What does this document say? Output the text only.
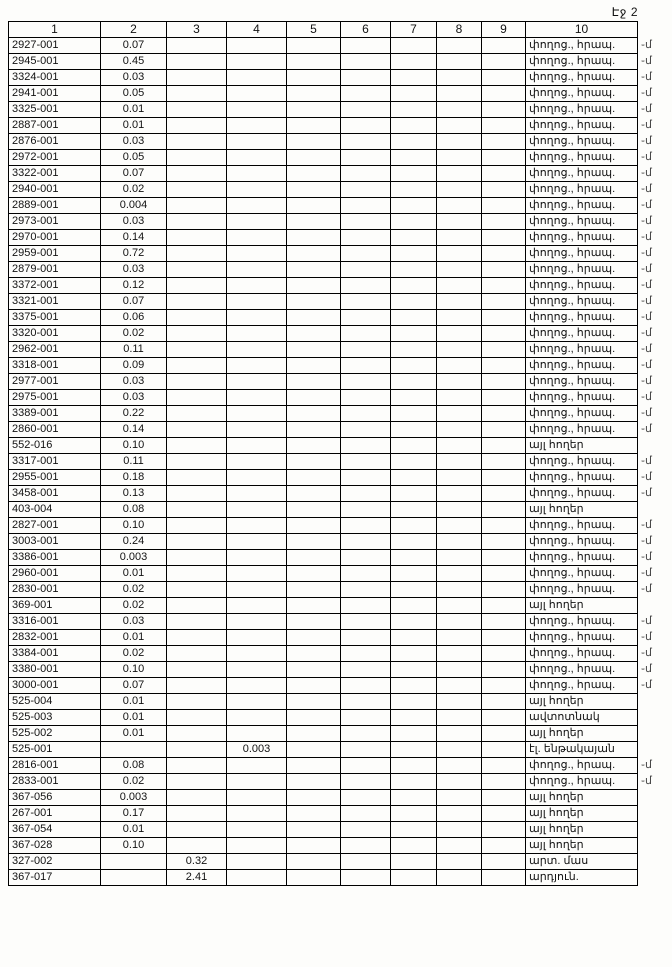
Էջ 2
1	2	3	4	5	6	7	8	9	10	
2927-001	0.07								փողոց., հրապ.	֊մ
2945-001	0.45								փողոց., հրապ.	֊մ
3324-001	0.03								փողոց., հրապ.	֊մ
2941-001	0.05								փողոց., հրապ.	֊մ
3325-001	0.01								փողոց., հրապ.	֊մ
2887-001	0.01								փողոց., հրապ.	֊մ
2876-001	0.03								փողոց., հրապ.	֊մ
2972-001	0.05								փողոց., հրապ.	֊մ
3322-001	0.07								փողոց., հրապ.	֊մ
2940-001	0.02								փողոց., հրապ.	֊մ
2889-001	0.004								փողոց., հրապ.	֊մ
2973-001	0.03								փողոց., հրապ.	֊մ
2970-001	0.14								փողոց., հրապ.	֊մ
2959-001	0.72								փողոց., հրապ.	֊մ
2879-001	0.03								փողոց., հրապ.	֊մ
3372-001	0.12								փողոց., հրապ.	֊մ
3321-001	0.07								փողոց., հրապ.	֊մ
3375-001	0.06								փողոց., հրապ.	֊մ
3320-001	0.02								փողոց., հրապ.	֊մ
2962-001	0.11								փողոց., հրապ.	֊մ
3318-001	0.09								փողոց., հրապ.	֊մ
2977-001	0.03								փողոց., հրապ.	֊մ
2975-001	0.03								փողոց., հրապ.	֊մ
3389-001	0.22								փողոց., հրապ.	֊մ
2860-001	0.14								փողոց., հրապ.	֊մ
552-016	0.10								այլ հողեր	
3317-001	0.11								փողոց., հրապ.	֊մ
2955-001	0.18								փողոց., հրապ.	֊մ
3458-001	0.13								փողոց., հրապ.	֊մ
403-004	0.08								այլ հողեր	
2827-001	0.10								փողոց., հրապ.	֊մ
3003-001	0.24								փողոց., հրապ.	֊մ
3386-001	0.003								փողոց., հրապ.	֊մ
2960-001	0.01								փողոց., հրապ.	֊մ
2830-001	0.02								փողոց., հրապ.	֊մ
369-001	0.02								այլ հողեր	
3316-001	0.03								փողոց., հրապ.	֊մ
2832-001	0.01								փողոց., հրապ.	֊մ
3384-001	0.02								փողոց., հրապ.	֊մ
3380-001	0.10								փողոց., հրապ.	֊մ
3000-001	0.07								փողոց., հրապ.	֊մ
525-004	0.01								այլ հողեր	
525-003	0.01								ավտոտնակ	
525-002	0.01								այլ հողեր	
525-001			0.003						էլ. ենթակայան	
2816-001	0.08								փողոց., հրապ.	֊մ
2833-001	0.02								փողոց., հրապ.	֊մ
367-056	0.003								այլ հողեր	
267-001	0.17								այլ հողեր	
367-054	0.01								այլ հողեր	
367-028	0.10								այլ հողեր	
327-002		0.32							արտ. մաս	
367-017		2.41							արդյուն.	
